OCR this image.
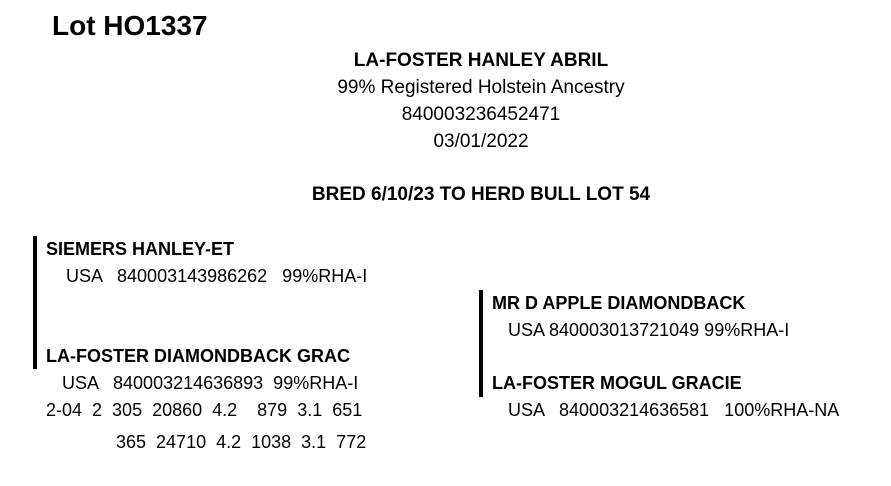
Lot HO1337
LA-FOSTER HANLEY ABRIL
99% Registered Holstein Ancestry
840003236452471
03/01/2022
BRED 6/10/23 TO HERD BULL LOT 54
SIEMERS HANLEY-ET
USA   840003143986262   99%RHA-I
LA-FOSTER DIAMONDBACK GRAC
USA   840003214636893  99%RHA-I
2-04  2  305  20860  4.2    879  3.1  651
365  24710  4.2  1038  3.1  772
MR D APPLE DIAMONDBACK
USA 840003013721049 99%RHA-I
LA-FOSTER MOGUL GRACIE
USA   840003214636581   100%RHA-NA
